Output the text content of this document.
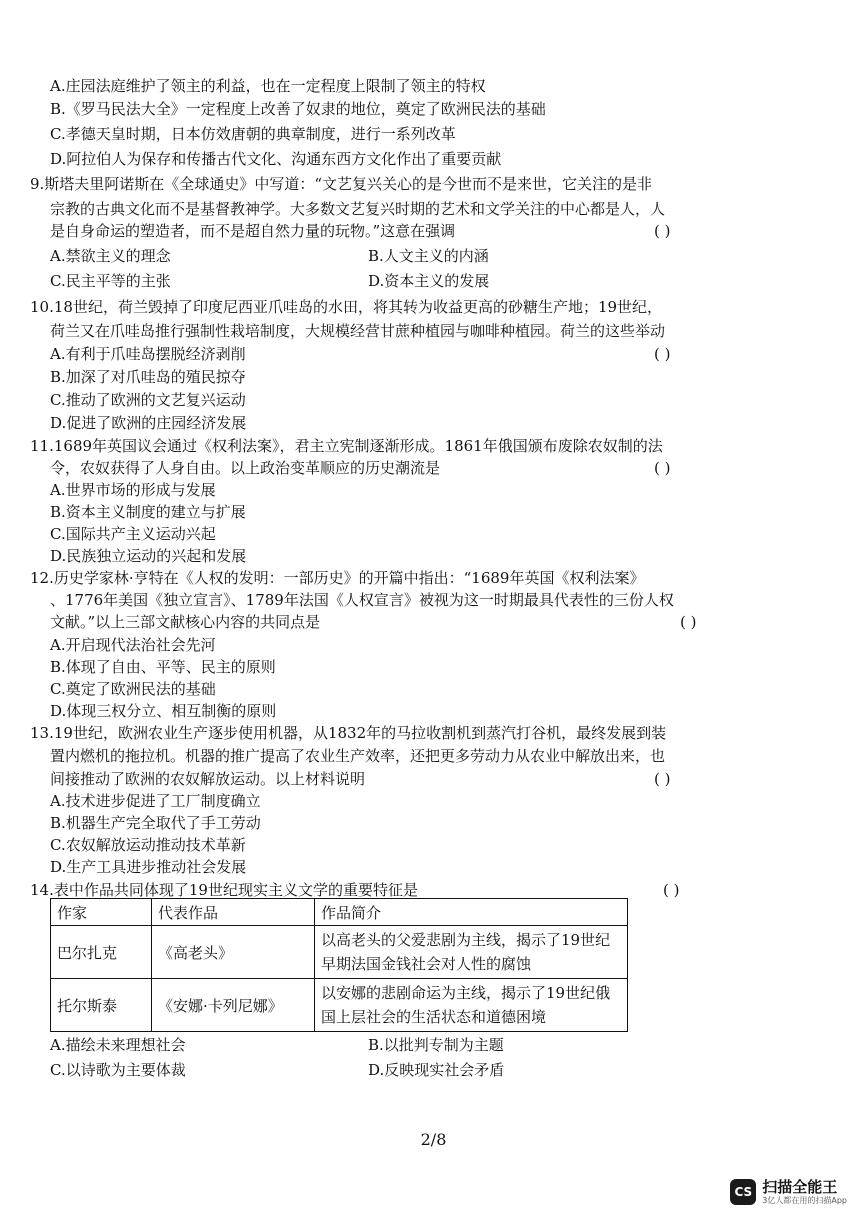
A.庄园法庭维护了领主的利益，也在一定程度上限制了领主的特权
B.《罗马民法大全》一定程度上改善了奴隶的地位，奠定了欧洲民法的基础
C.孝德天皇时期，日本仿效唐朝的典章制度，进行一系列改革
D.阿拉伯人为保存和传播古代文化、沟通东西方文化作出了重要贡献
9.斯塔夫里阿诺斯在《全球通史》中写道：“文艺复兴关心的是今世而不是来世，它关注的是非
宗教的古典文化而不是基督教神学。大多数文艺复兴时期的艺术和文学关注的中心都是人，人
是自身命运的塑造者，而不是超自然力量的玩物。”这意在强调
A.禁欲主义的理念
C.民主平等的主张
10.18世纪，荷兰毁掉了印度尼西亚爪哇岛的水田，将其转为收益更高的砂糖生产地；19世纪，
荷兰又在爪哇岛推行强制性栽培制度，大规模经营甘蔗种植园与咖啡种植园。荷兰的这些举动
A.有利于爪哇岛摆脱经济剥削
B.加深了对爪哇岛的殖民掠夺
C.推动了欧洲的文艺复兴运动
D.促进了欧洲的庄园经济发展
11.1689年英国议会通过《权利法案》，君主立宪制逐渐形成。1861年俄国颁布废除农奴制的法
令，农奴获得了人身自由。以上政治变革顺应的历史潮流是
A.世界市场的形成与发展
B.资本主义制度的建立与扩展
C.国际共产主义运动兴起
D.民族独立运动的兴起和发展
12.历史学家林·亨特在《人权的发明：一部历史》的开篇中指出：“1689年英国《权利法案》
、1776年美国《独立宣言》、1789年法国《人权宣言》被视为这一时期最具代表性的三份人权
文献。”以上三部文献核心内容的共同点是
A.开启现代法治社会先河
B.体现了自由、平等、民主的原则
C.奠定了欧洲民法的基础
D.体现三权分立、相互制衡的原则
13.19世纪，欧洲农业生产逐步使用机器，从1832年的马拉收割机到蒸汽打谷机，最终发展到装
置内燃机的拖拉机。机器的推广提高了农业生产效率，还把更多劳动力从农业中解放出来，也
间接推动了欧洲的农奴解放运动。以上材料说明
A.技术进步促进了工厂制度确立
B.机器生产完全取代了手工劳动
C.农奴解放运动推动技术革新
D.生产工具进步推动社会发展
14.表中作品共同体现了19世纪现实主义文学的重要特征是
A.描绘未来理想社会
C.以诗歌为主要体裁
B.人文主义的内涵
D.资本主义的发展
B.以批判专制为主题
D.反映现实社会矛盾
( )
( )
( )
( )
( )
( )
作家	代表作品	作品简介
巴尔扎克	《高老头》	以高老头的父爱悲剧为主线，揭示了19世纪早期法国金钱社会对人性的腐蚀
托尔斯泰	《安娜·卡列尼娜》	以安娜的悲剧命运为主线，揭示了19世纪俄国上层社会的生活状态和道德困境
2/8
CS 扫描全能王
3亿人都在用的扫描App
